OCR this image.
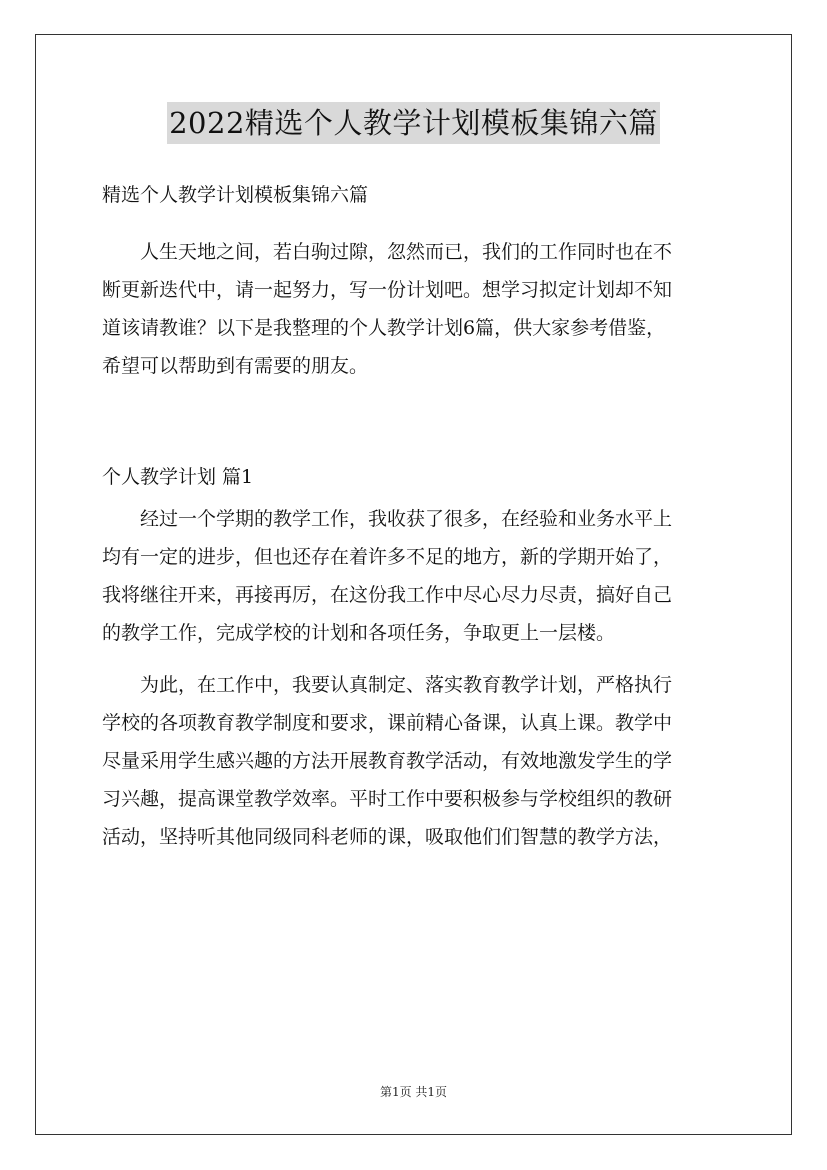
2022精选个人教学计划模板集锦六篇
精选个人教学计划模板集锦六篇
　　人生天地之间，若白驹过隙，忽然而已，我们的工作同时也在不
断更新迭代中，请一起努力，写一份计划吧。想学习拟定计划却不知
道该请教谁？以下是我整理的个人教学计划6篇，供大家参考借鉴，
希望可以帮助到有需要的朋友。
个人教学计划 篇1
　　经过一个学期的教学工作，我收获了很多，在经验和业务水平上
均有一定的进步，但也还存在着许多不足的地方，新的学期开始了，
我将继往开来，再接再厉，在这份我工作中尽心尽力尽责，搞好自己
的教学工作，完成学校的计划和各项任务，争取更上一层楼。
　　为此，在工作中，我要认真制定、落实教育教学计划，严格执行
学校的各项教育教学制度和要求，课前精心备课，认真上课。教学中
尽量采用学生感兴趣的方法开展教育教学活动，有效地激发学生的学
习兴趣，提高课堂教学效率。平时工作中要积极参与学校组织的教研
活动，坚持听其他同级同科老师的课，吸取他们们智慧的教学方法，
第1页 共1页
